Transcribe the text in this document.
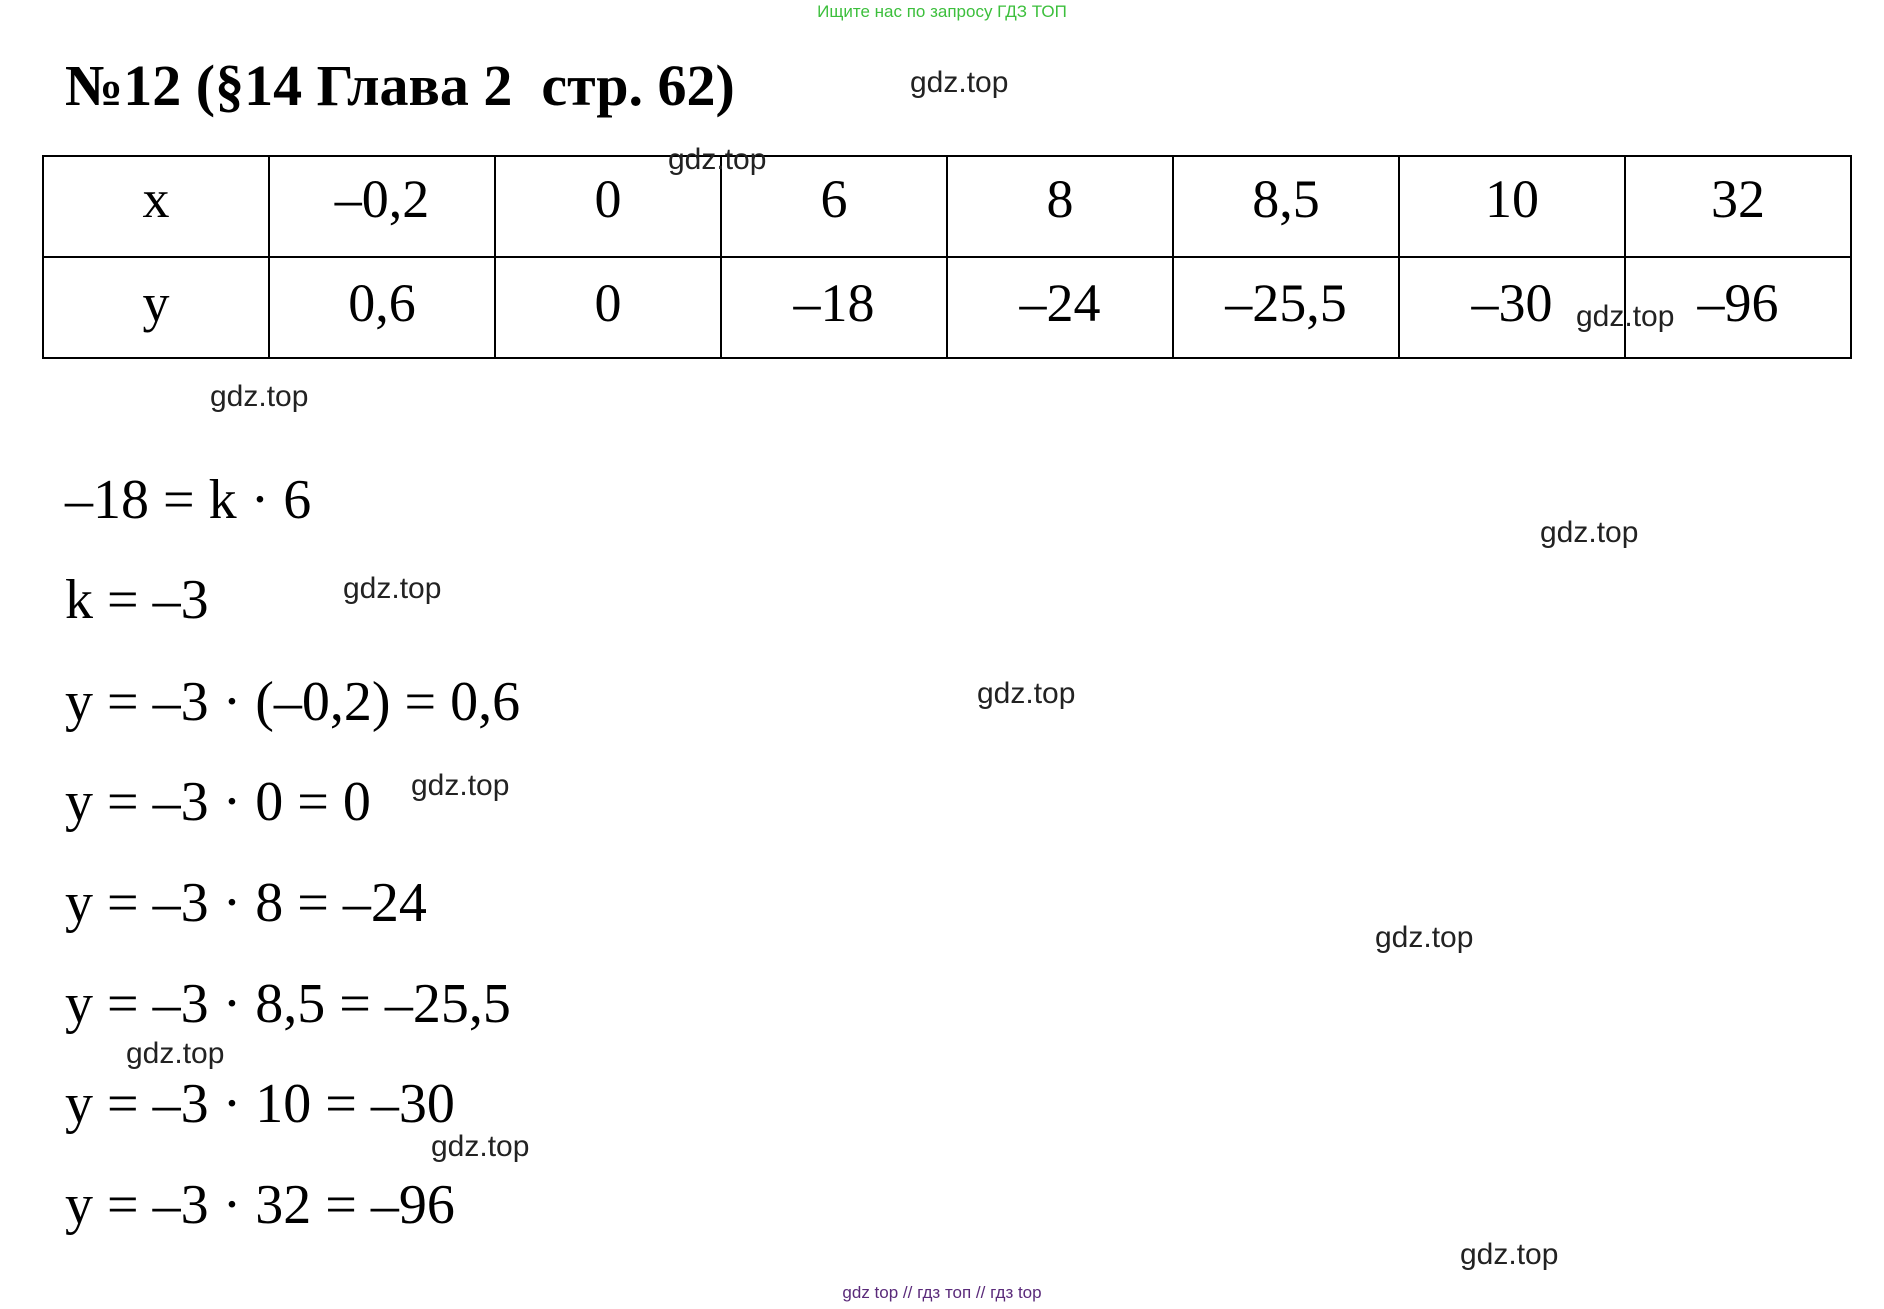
Ищите нас по запросу ГДЗ ТОП
№12 (§14 Глава 2  стр. 62)
x	–0,2	0	6	8	8,5	10	32
y	0,6	0	–18	–24	–25,5	–30	–96
–18 = k · 6
k = –3
y = –3 · (–0,2) = 0,6
y = –3 · 0 = 0
y = –3 · 8 = –24
y = –3 · 8,5 = –25,5
y = –3 · 10 = –30
y = –3 · 32 = –96
gdz.top
gdz.top
gdz.top
gdz.top
gdz.top
gdz.top
gdz.top
gdz.top
gdz.top
gdz.top
gdz.top
gdz.top
gdz top // гдз топ // гдз top
